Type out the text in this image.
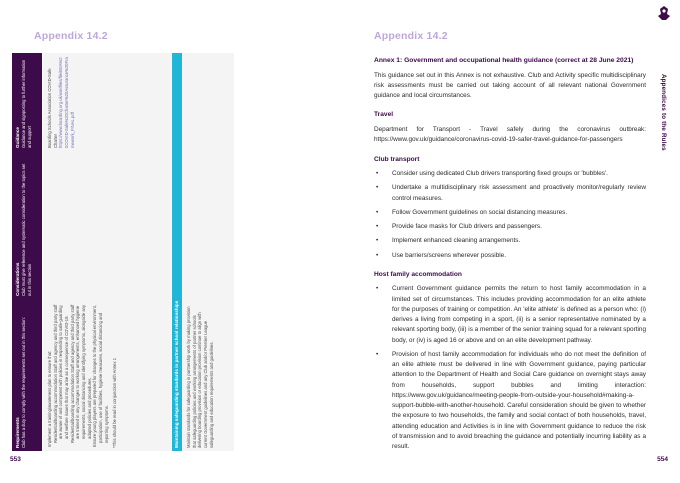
Appendix 14.2
Requirements Club has a duty to comply with the requirements set out in this section:
Considerations Club must give reference and systematic consideration to the topics set out in this section
Guidance Guidance and signposting to further information and support
Implement a training/awareness plan to ensure that: Residential/boarding accommodation Staff and agency and third party staff are aware of and competent with policies in responding to safe-guarding and welfare issues that may arise as a consequence of COVID-19. Residential/boarding accommodation Staff and agency and third party staff are trained in any changes to working arrangements, enhanced hygiene requirements, social distancing and identifying symptoms, alongside any adapted policies and procedures. Ensure young players are prepared for changes to the physical environment, participation, use of facilities, hygiene measures, social distancing and reporting symptoms. *This should be read in conjunction with Annex 1
Boarding Schools Association COVID-Safe Charter https://www.boarding.org.uk/userfiles/file/BSA%20COVID-Safe%20Charter%20Assurance%20Framework_FINAL.pdf
Maintaining safeguarding standards in partner school relationships	Maintain standards for safeguarding in partnership work by making provision that safeguarding policies and working arrangements of partner schools delivering boarding provision or education provision continue to align with current Government guidelines and any Club and/or Premier League safeguarding and education requirements and guidelines.
553
Appendix 14.2
Appendices to the Rules
Annex 1: Government and occupational health guidance (correct at 28 June 2021)

This guidance set out in this Annex is not exhaustive. Club and Activity specific multidisciplinary risk assessments must be carried out taking account of all relevant national Government guidance and local circumstances.

Travel

Department for Transport - Travel safely during the coronavirus outbreak: https://www.gov.uk/guidance/coronavirus-covid-19-safer-travel-guidance-for-passengers

Club transport
• Consider using dedicated Club drivers transporting fixed groups or 'bubbles'.
• Undertake a multidisciplinary risk assessment and proactively monitor/regularly review control measures.
• Follow Government guidelines on social distancing measures.
• Provide face masks for Club drivers and passengers.
• Implement enhanced cleaning arrangements.
• Use barriers/screens wherever possible.
Host family accommodation
• Current Government guidance permits the return to host family accommodation in a limited set of circumstances. This includes providing accommodation for an elite athlete for the purposes of training or competition. An 'elite athlete' is defined as a person who: (i) derives a living from competing in a sport, (ii) is a senior representative nominated by a relevant sporting body, (iii) is a member of the senior training squad for a relevant sporting body, or (iv) is aged 16 or above and on an elite development pathway.
• Provision of host family accommodation for individuals who do not meet the definition of an elite athlete must be delivered in line with Government guidance, paying particular attention to the Department of Health and Social Care guidance on overnight stays away from households, support bubbles and limiting interaction: https://www.gov.uk/guidance/meeting-people-from-outside-your-household#making-a-support-bubble-with-another-household. Careful consideration should be given to whether the exposure to two households, the family and social contact of both households, travel, attending education and Activities is in line with Government guidance to reduce the risk of transmission and to avoid breaching the guidance and potentially incurring liability as a result.
554
